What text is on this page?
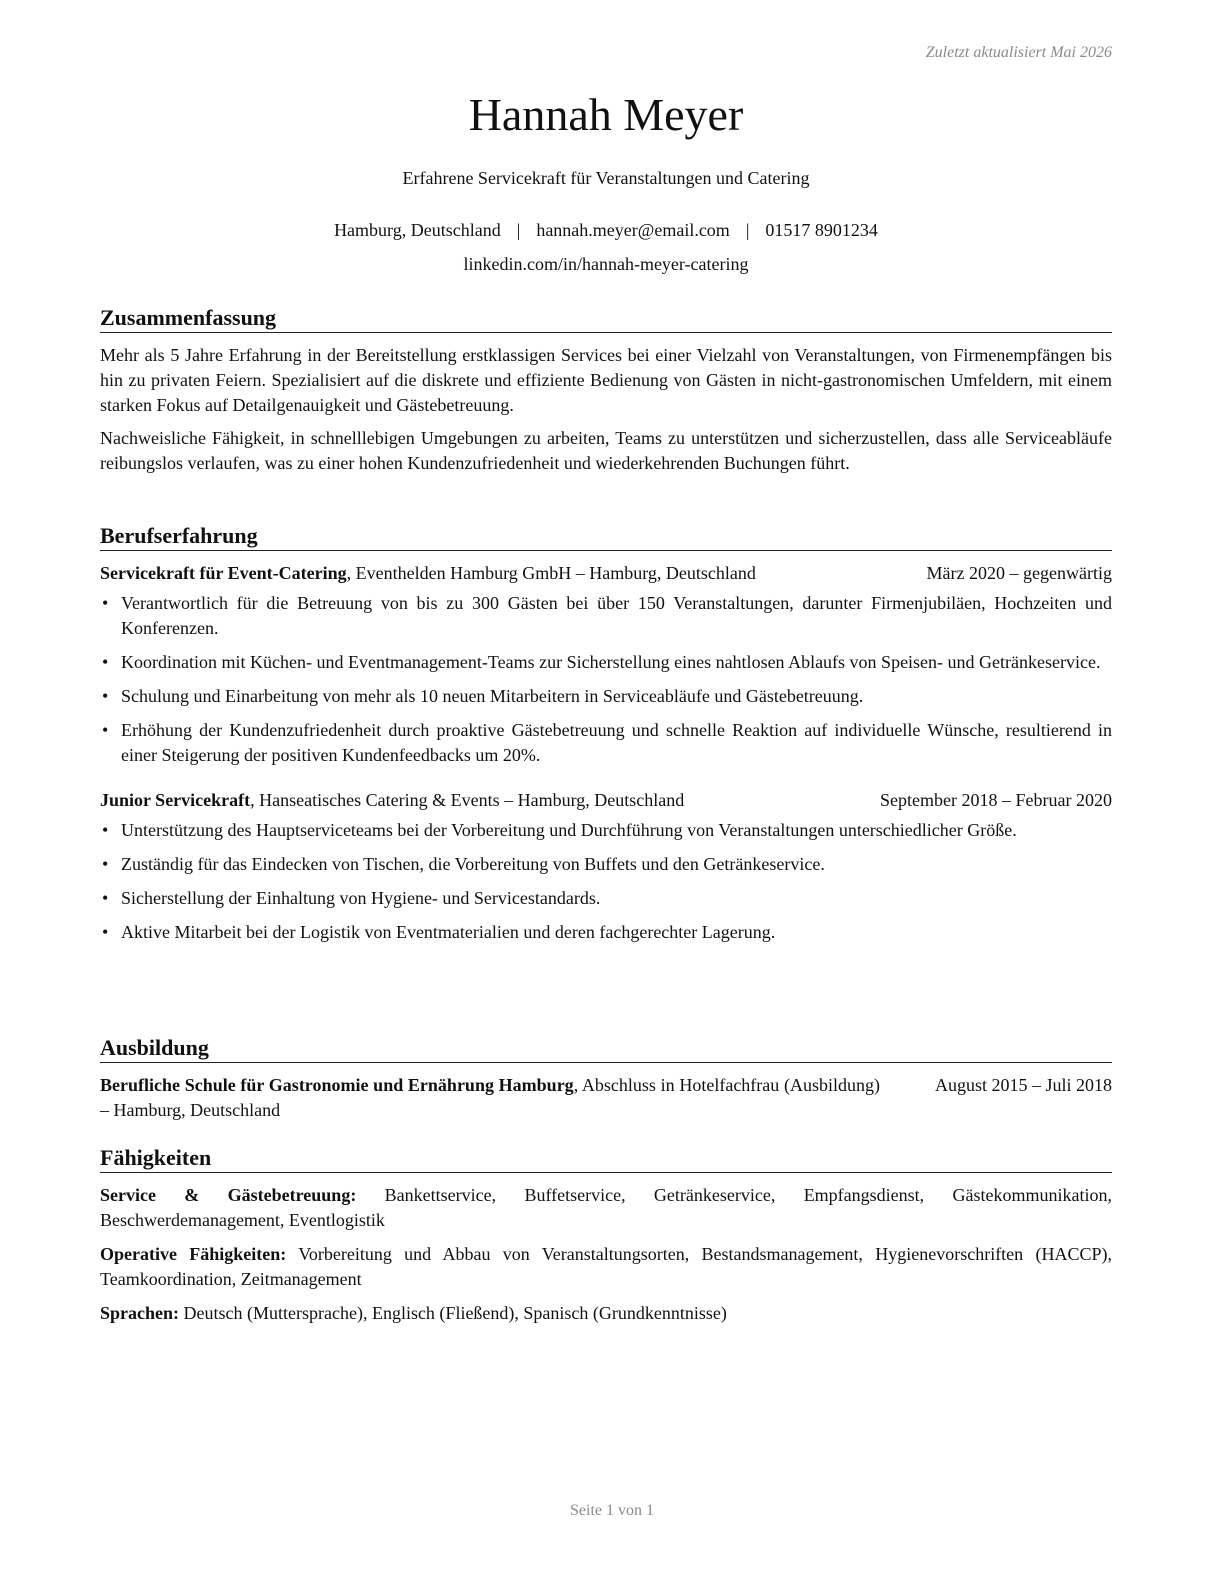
Zuletzt aktualisiert Mai 2026
Hannah Meyer
Erfahrene Servicekraft für Veranstaltungen und Catering
Hamburg, Deutschland | hannah.meyer@email.com | 01517 8901234
linkedin.com/in/hannah-meyer-catering
Zusammenfassung

Mehr als 5 Jahre Erfahrung in der Bereitstellung erstklassigen Services bei einer Vielzahl von Veranstaltungen, von Firmenempfängen bis hin zu privaten Feiern. Spezialisiert auf die diskrete und effiziente Bedienung von Gästen in nicht-gastronomischen Umfeldern, mit einem starken Fokus auf Detailgenauigkeit und Gästebetreuung.

Nachweisliche Fähigkeit, in schnelllebigen Umgebungen zu arbeiten, Teams zu unterstützen und sicherzustellen, dass alle Serviceabläufe reibungslos verlaufen, was zu einer hohen Kundenzufriedenheit und wiederkehrenden Buchungen führt.

Berufserfahrung
Servicekraft für Event-Catering, Eventhelden Hamburg GmbH – Hamburg, Deutschland	März 2020 – gegenwärtig
• Verantwortlich für die Betreuung von bis zu 300 Gästen bei über 150 Veranstaltungen, darunter Firmenjubiläen, Hochzeiten und Konferenzen.
• Koordination mit Küchen- und Eventmanagement-Teams zur Sicherstellung eines nahtlosen Ablaufs von Speisen- und Getränkeservice.
• Schulung und Einarbeitung von mehr als 10 neuen Mitarbeitern in Serviceabläufe und Gästebetreuung.
• Erhöhung der Kundenzufriedenheit durch proaktive Gästebetreuung und schnelle Reaktion auf individuelle Wünsche, resultierend in einer Steigerung der positiven Kundenfeedbacks um 20%.
Junior Servicekraft, Hanseatisches Catering & Events – Hamburg, Deutschland	September 2018 – Februar 2020
• Unterstützung des Hauptserviceteams bei der Vorbereitung und Durchführung von Veranstaltungen unterschiedlicher Größe.
• Zuständig für das Eindecken von Tischen, die Vorbereitung von Buffets und den Getränkeservice.
• Sicherstellung der Einhaltung von Hygiene- und Servicestandards.
• Aktive Mitarbeit bei der Logistik von Eventmaterialien und deren fachgerechter Lagerung.
Ausbildung
Berufliche Schule für Gastronomie und Ernährung Hamburg, Abschluss in Hotelfachfrau (Ausbildung) – Hamburg, Deutschland
August 2015 – Juli 2018
Fähigkeiten
Service & Gästebetreuung: Bankettservice, Buffetservice, Getränkeservice, Empfangsdienst, Gästekommunikation, Beschwerdemanagement, Eventlogistik
Operative Fähigkeiten: Vorbereitung und Abbau von Veranstaltungsorten, Bestandsmanagement, Hygienevorschriften (HACCP), Teamkoordination, Zeitmanagement
Sprachen: Deutsch (Muttersprache), Englisch (Fließend), Spanisch (Grundkenntnisse)
Seite 1 von 1
